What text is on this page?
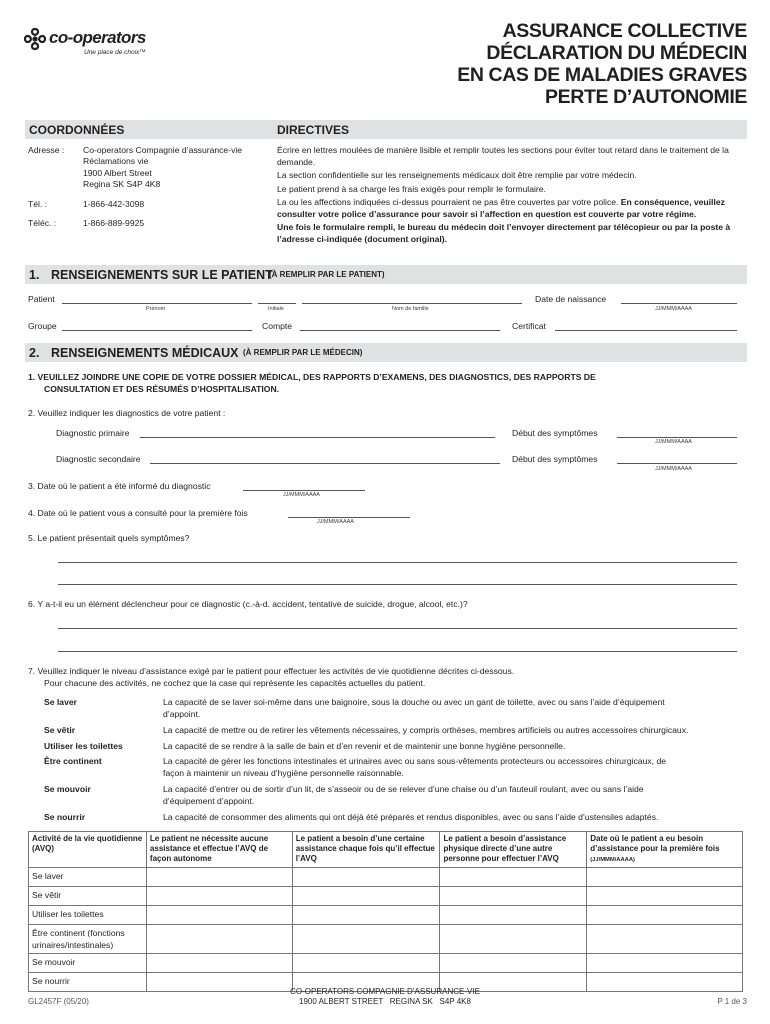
co-operators
Une place de choix™
ASSURANCE COLLECTIVE
DÉCLARATION DU MÉDECIN
EN CAS DE MALADIES GRAVES
PERTE D’AUTONOMIE
COORDONNÉES	DIRECTIVES
Adresse : Co-operators Compagnie d’assurance-vie
Réclamations vie
1900 Albert Street
Regina SK S4P 4K8
Tél. :	1-866-442-3098
Téléc. :	1-866-889-9925
Écrire en lettres moulées de manière lisible et remplir toutes les sections pour éviter tout retard dans le traitement de la demande.
La section confidentielle sur les renseignements médicaux doit être remplie par votre médecin.
Le patient prend à sa charge les frais exigés pour remplir le formulaire.
La ou les affections indiquées ci-dessus pourraient ne pas être couvertes par votre police. En conséquence, veuillez consulter votre police d’assurance pour savoir si l’affection en question est couverte par votre régime.
Une fois le formulaire rempli, le bureau du médecin doit l’envoyer directement par télécopieur ou par la poste à l’adresse ci-indiquée (document original).
1. RENSEIGNEMENTS SUR LE PATIENT
(À REMPLIR PAR LE PATIENT)
Patient
Prénom	Initiale	Nom de famille
Date de naissance
JJ/MMM/AAAA
Groupe	Compte	Certificat
2. RENSEIGNEMENTS MÉDICAUX (À REMPLIR PAR LE MÉDECIN)
1. VEUILLEZ JOINDRE UNE COPIE DE VOTRE DOSSIER MÉDICAL, DES RAPPORTS D’EXAMENS, DES DIAGNOSTICS, DES RAPPORTS DE
CONSULTATION ET DES RÉSUMÉS D’HOSPITALISATION.
2. Veuillez indiquer les diagnostics de votre patient :
Diagnostic primaire	Début des symptômes
JJ/MMM/AAAA
Diagnostic secondaire	Début des symptômes
JJ/MMM/AAAA
3. Date où le patient a été informé du diagnostic
JJ/MMM/AAAA
4. Date où le patient vous a consulté pour la première fois
JJ/MMM/AAAA
5. Le patient présentait quels symptômes?
6. Y a-t-il eu un élément déclencheur pour ce diagnostic (c.-à-d. accident, tentative de suicide, drogue, alcool, etc.)?
7. Veuillez indiquer le niveau d’assistance exigé par le patient pour effectuer les activités de vie quotidienne décrites ci-dessous.
Pour chacune des activités, ne cochez que la case qui représente les capacités actuelles du patient.
Se laver	La capacité de se laver soi-même dans une baignoire, sous la douche ou avec un gant de toilette, avec ou sans l’aide d’équipement
d’appoint.
Se vêtir	La capacité de mettre ou de retirer les vêtements nécessaires, y compris orthèses, membres artificiels ou autres accessoires chirurgicaux.
Utiliser les toilettes	La capacité de se rendre à la salle de bain et d’en revenir et de maintenir une bonne hygiène personnelle.
Être continent	La capacité de gérer les fonctions intestinales et urinaires avec ou sans sous-vêtements protecteurs ou accessoires chirurgicaux, de
façon à maintenir un niveau d’hygiène personnelle raisonnable.
Se mouvoir	La capacité d’entrer ou de sortir d’un lit, de s’asseoir ou de se relever d’une chaise ou d’un fauteuil roulant, avec ou sans l’aide
d’équipement d’appoint.
Se nourrir	La capacité de consommer des aliments qui ont déjà été préparés et rendus disponibles, avec ou sans l’aide d’ustensiles adaptés.
Activité de la vie quotidienne (AVQ)	Le patient ne nécessite aucune assistance et effectue l’AVQ de façon autonome	Le patient a besoin d’une certaine assistance chaque fois qu’il effectue l’AVQ	Le patient a besoin d’assistance physique directe d’une autre personne pour effectuer l’AVQ	Date où le patient a eu besoin d’assistance pour la première fois
(JJ/MMM/AAAA)
Se laver				
Se vêtir				
Utiliser les toilettes				
Être continent (fonctions urinaires/intestinales)				
Se mouvoir				
Se nourrir				
GL2457F (05/20)
CO-OPERATORS COMPAGNIE D’ASSURANCE-VIE
1900 ALBERT STREET   REGINA SK   S4P 4K8	P 1 de 3
